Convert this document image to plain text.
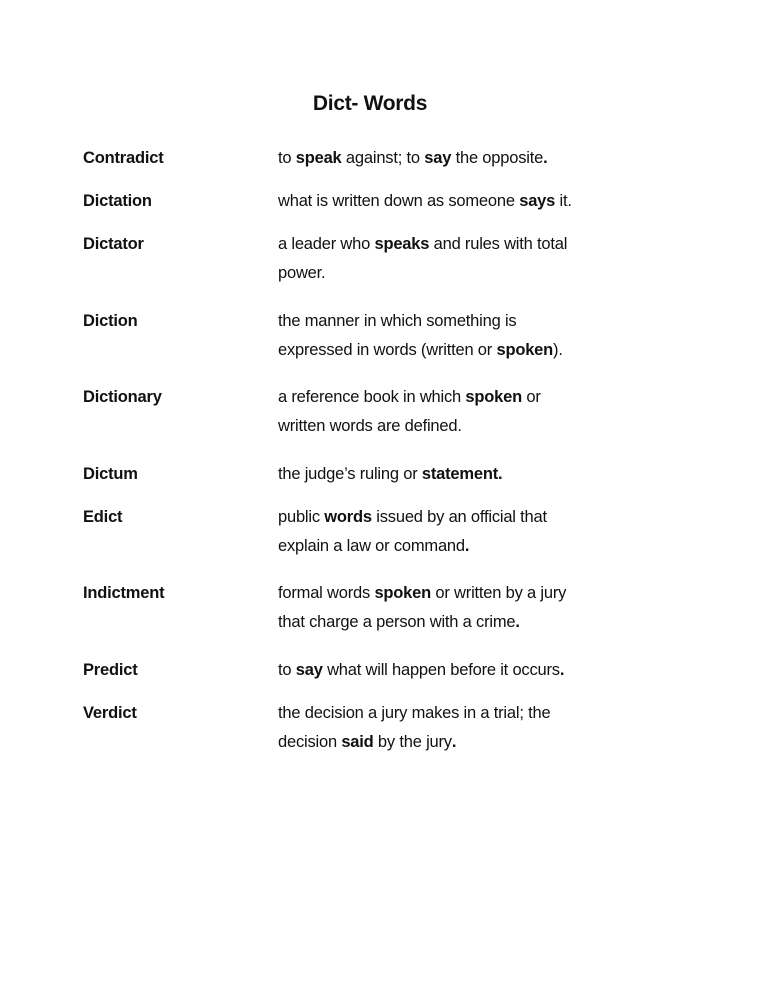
Dict- Words
Contradict	to speak against; to say the opposite.
Dictation	what is written down as someone says it.
Dictator	a leader who speaks and rules with total
power.
Diction	the manner in which something is
expressed in words (written or spoken).
Dictionary	a reference book in which spoken or
written words are defined.
Dictum	the judge’s ruling or statement.
Edict	public words issued by an official that
explain a law or command.
Indictment	formal words spoken or written by a jury
that charge a person with a crime.
Predict	to say what will happen before it occurs.
Verdict	the decision a jury makes in a trial; the
decision said by the jury.
